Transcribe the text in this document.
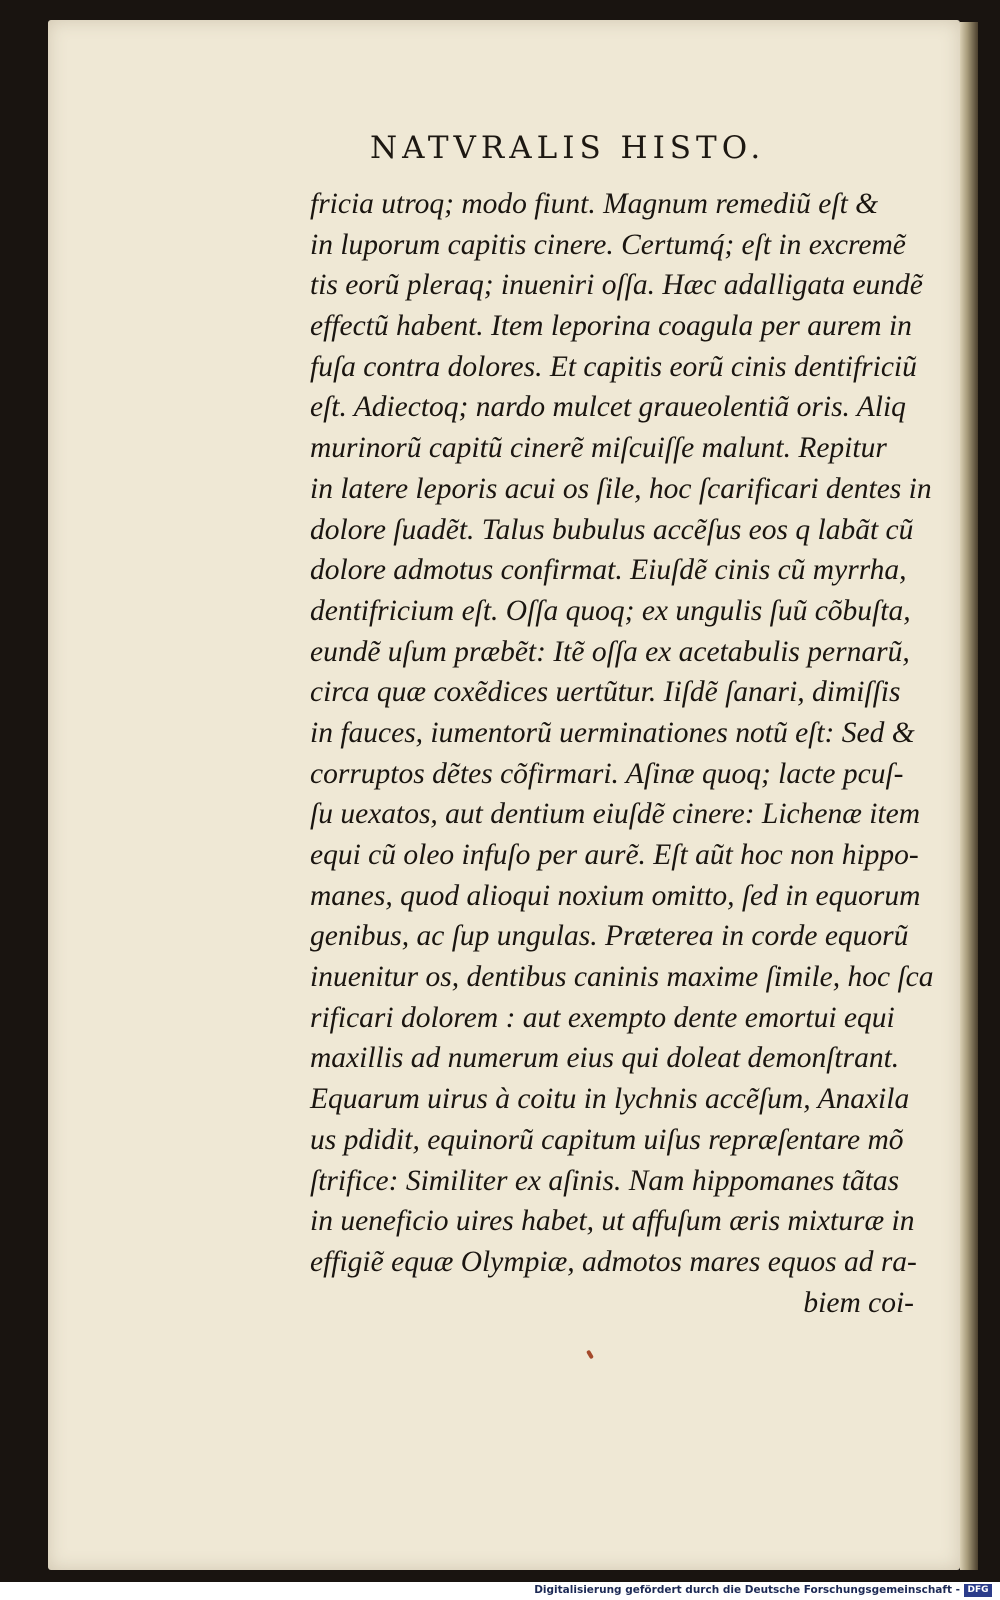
NATVRALIS HISTO.
fricia utroq; modo fiunt. Magnum remediũ eſt &
in luporum capitis cinere. Certumq́; eſt in excremẽ
tis eorũ pleraq; inueniri oſſa. Hæc adalligata eundẽ
effectũ habent. Item leporina coagula per aurem in
fuſa contra dolores. Et capitis eorũ cinis dentifriciũ
eſt. Adiectoq; nardo mulcet graueolentiã oris. Aliq
murinorũ capitũ cinerẽ miſcuiſſe malunt. Repitur
in latere leporis acui os ſile, hoc ſcarificari dentes in
dolore ſuadẽt. Talus bubulus accẽſus eos q labãt cũ
dolore admotus confirmat. Eiuſdẽ cinis cũ myrrha,
dentifricium eſt. Oſſa quoq; ex ungulis ſuũ cõbuſta,
eundẽ uſum præbẽt: Itẽ oſſa ex acetabulis pernarũ,
circa quæ coxẽdices uertũtur. Iiſdẽ ſanari, dimiſſis
in fauces, iumentorũ uerminationes notũ eſt: Sed &
corruptos dẽtes cõfirmari. Aſinæ quoq; lacte pcuſ-
ſu uexatos, aut dentium eiuſdẽ cinere: Lichenæ item
equi cũ oleo infuſo per aurẽ. Eſt aũt hoc non hippo-
manes, quod alioqui noxium omitto, ſed in equorum
genibus, ac ſup ungulas. Præterea in corde equorũ
inuenitur os, dentibus caninis maxime ſimile, hoc ſca
rificari dolorem : aut exempto dente emortui equi
maxillis ad numerum eius qui doleat demonſtrant.
Equarum uirus à coitu in lychnis accẽſum, Anaxila
us pdidit, equinorũ capitum uiſus repræſentare mõ
ſtrifice: Similiter ex aſinis. Nam hippomanes tãtas
in ueneficio uires habet, ut affuſum æris mixturæ in
effigiẽ equæ Olympiæ, admotos mares equos ad ra-
biem coi-
Digitalisierung gefördert durch die Deutsche Forschungsgemeinschaft - DFG
